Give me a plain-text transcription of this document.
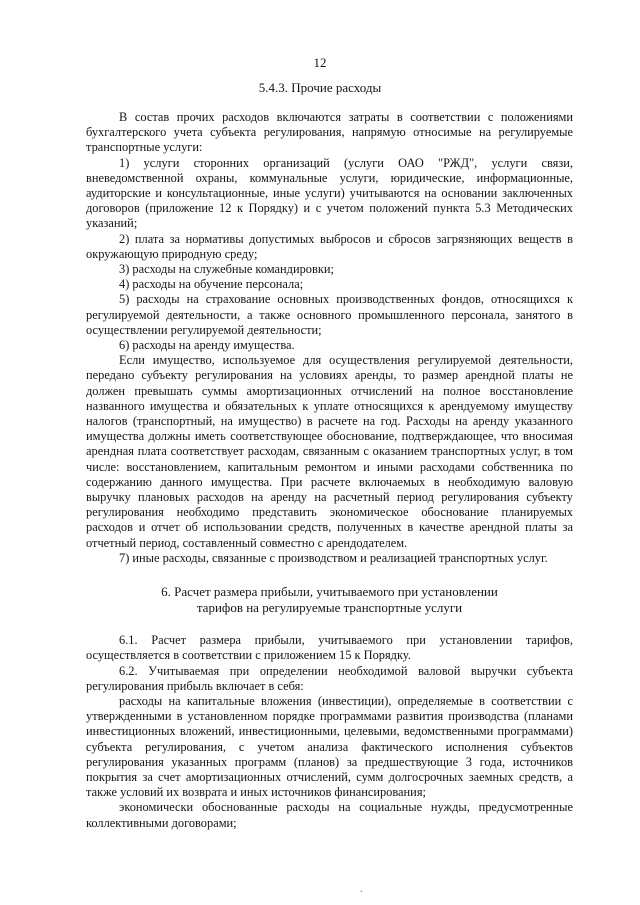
12
5.4.3. Прочие расходы

В состав прочих расходов включаются затраты в соответствии с положениями бухгалтерского учета субъекта регулирования, напрямую относимые на регулируемые транспортные услуги:

1) услуги сторонних организаций (услуги ОАО "РЖД", услуги связи, вневедомственной охраны, коммунальные услуги, юридические, информационные, аудиторские и консультационные, иные услуги) учитываются на основании заключенных договоров (приложение 12 к Порядку) и с учетом положений пункта 5.3 Методических указаний;

2) плата за нормативы допустимых выбросов и сбросов загрязняющих веществ в окружающую природную среду;

3) расходы на служебные командировки;

4) расходы на обучение персонала;

5) расходы на страхование основных производственных фондов, относящихся к регулируемой деятельности, а также основного промышленного персонала, занятого в осуществлении регулируемой деятельности;

6) расходы на аренду имущества.

Если имущество, используемое для осуществления регулируемой деятельности, передано субъекту регулирования на условиях аренды, то размер арендной платы не должен превышать суммы амортизационных отчислений на полное восстановление названного имущества и обязательных к уплате относящихся к арендуемому имуществу налогов (транспортный, на имущество) в расчете на год. Расходы на аренду указанного имущества должны иметь соответствующее обоснование, подтверждающее, что вносимая арендная плата соответствует расходам, связанным с оказанием транспортных услуг, в том числе: восстановлением, капитальным ремонтом и иными расходами собственника по содержанию данного имущества. При расчете включаемых в необходимую валовую выручку плановых расходов на аренду на расчетный период регулирования субъекту регулирования необходимо представить экономическое обоснование планируемых расходов и отчет об использовании средств, полученных в качестве арендной платы за отчетный период, составленный совместно с арендодателем.

7) иные расходы, связанные с производством и реализацией транспортных услуг.

6. Расчет размера прибыли, учитываемого при установлении
тарифов на регулируемые транспортные услуги

6.1. Расчет размера прибыли, учитываемого при установлении тарифов, осуществляется в соответствии с приложением 15 к Порядку.

6.2. Учитываемая при определении необходимой валовой выручки субъекта регулирования прибыль включает в себя:

расходы на капитальные вложения (инвестиции), определяемые в соответствии с утвержденными в установленном порядке программами развития производства (планами инвестиционных вложений, инвестиционными, целевыми, ведомственными программами) субъекта регулирования, с учетом анализа фактического исполнения субъектов регулирования указанных программ (планов) за предшествующие 3 года, источников покрытия за счет амортизационных отчислений, сумм долгосрочных заемных средств, а также условий их возврата и иных источников финансирования;

экономически обоснованные расходы на социальные нужды, предусмотренные коллективными договорами;

.
